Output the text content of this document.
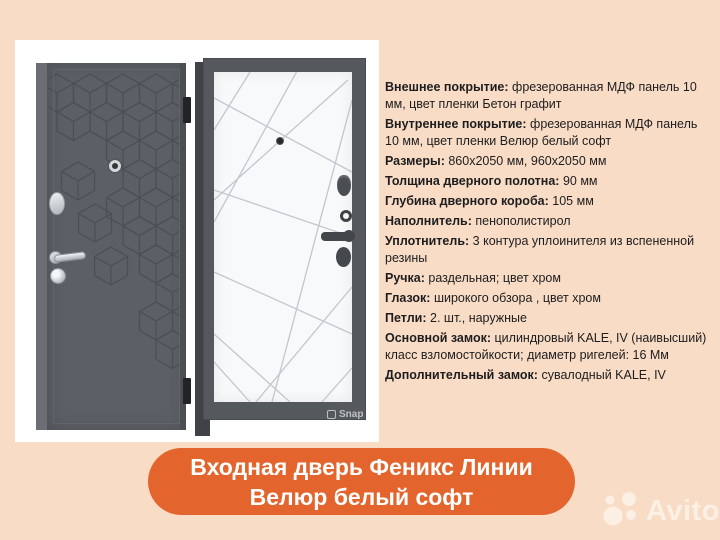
Snap
Внешнее покрытие: фрезерованная МДФ панель 10 мм, цвет пленки Бетон графит
Внутреннее покрытие: фрезерованная МДФ панель 10 мм, цвет пленки Велюр белый софт
Размеры: 860x2050 мм, 960x2050 мм
Толщина дверного полотна: 90 мм
Глубина дверного короба: 105 мм
Наполнитель: пенополистирол
Уплотнитель: 3 контура уплоинителя из вспененной резины
Ручка: раздельная; цвет хром
Глазок: широкого обзора , цвет хром
Петли: 2. шт., наружные
Основной замок: цилиндровый KALE, IV (наивысший) класс взломостойкости; диаметр ригелей: 16 Мм
Дополнительный замок: сувалодный KALE, IV
Входная дверь Феникс Линии
Велюр белый софт	Avito
